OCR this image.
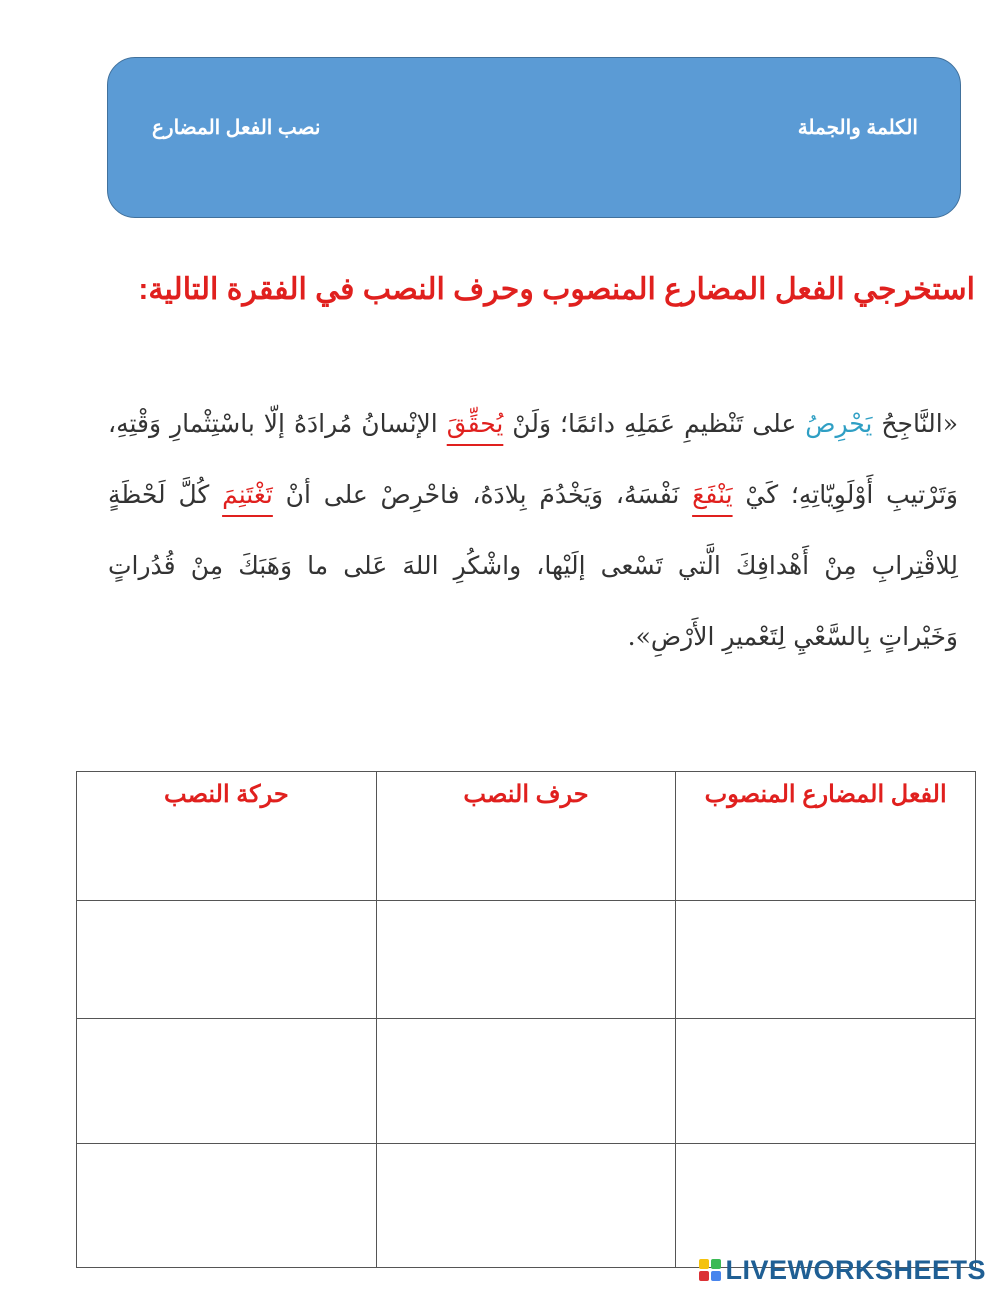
الكلمة والجملة
نصب الفعل المضارع
استخرجي الفعل المضارع المنصوب وحرف النصب في الفقرة التالية:
«النَّاجِحُ يَحْرِصُ على تَنْظيمِ عَمَلِهِ دائمًا؛ وَلَنْ يُحقِّقَ الإنْسانُ مُرادَهُ إلّا باسْتِثْمارِ وَقْتِهِ، وَتَرْتيبِ أَوْلَوِيّاتِهِ؛ كَيْ يَنْفَعَ نَفْسَهُ، وَيَخْدُمَ بِلادَهُ، فاحْرِصْ على أنْ تَغْتَنِمَ كُلَّ لَحْظَةٍ لِلاقْتِرابِ مِنْ أَهْدافِكَ الَّتي تَسْعى إلَيْها، واشْكُرِ اللهَ عَلى ما وَهَبَكَ مِنْ قُدُراتٍ وَخَيْراتٍ بِالسَّعْيِ لِتَعْميرِ الأَرْضِ».
الفعل المضارع المنصوب	حرف النصب	حركة النصب

LIVEWORKSHEETS
